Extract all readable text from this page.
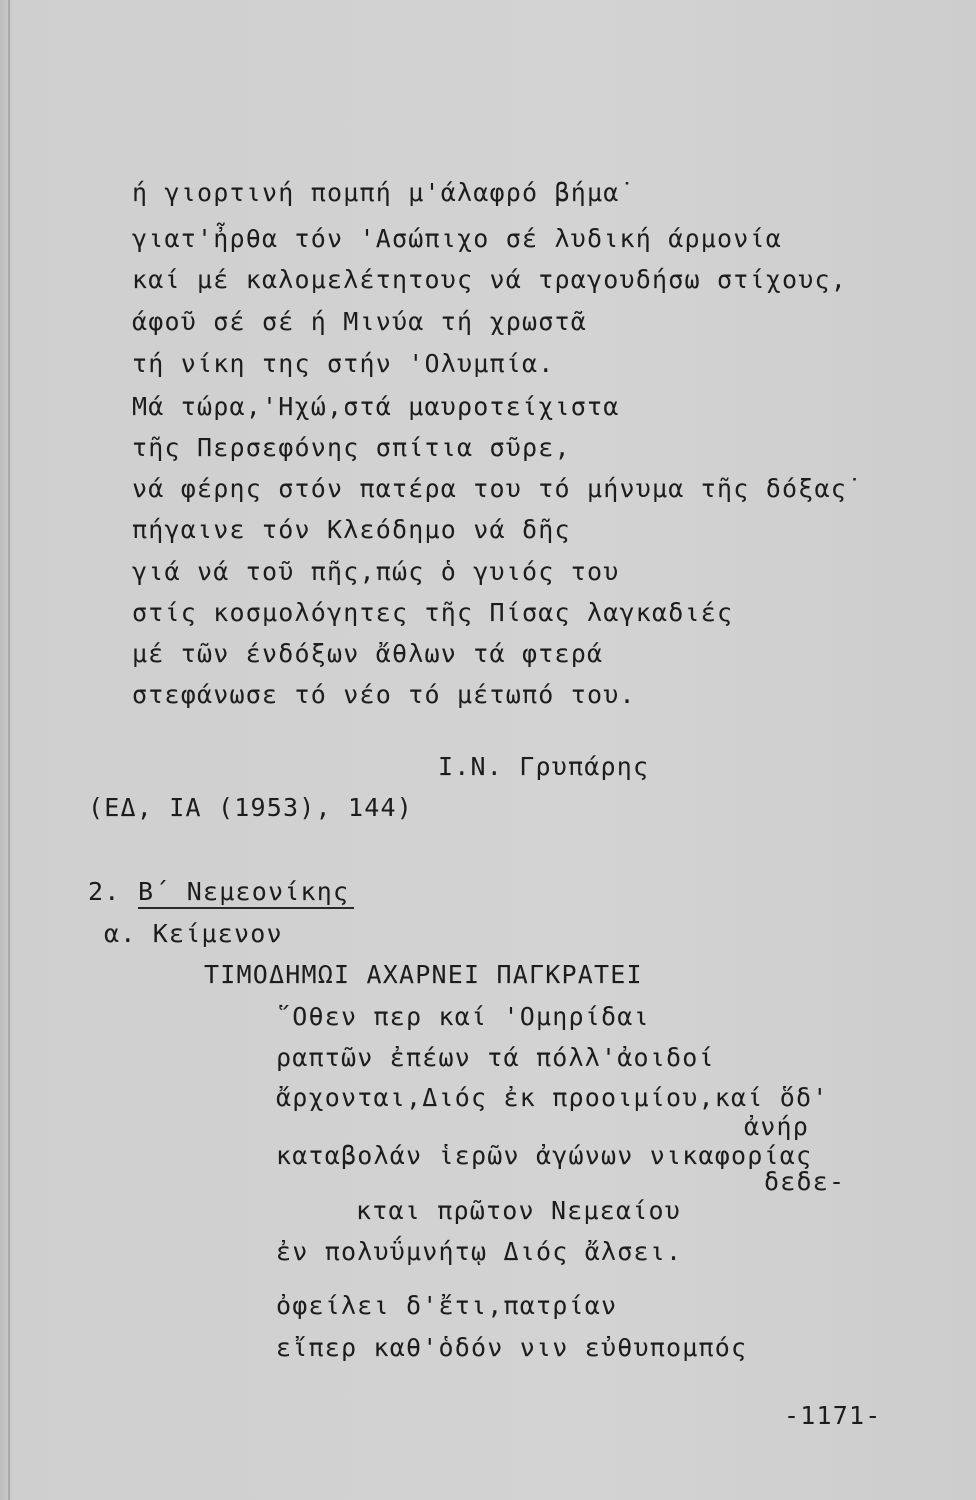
ή γιορτινή πομπή μ'άλαφρό βήμα˙
γιατ'ἦρθα τόν 'Ασώπιχο σέ λυδική άρμονία
καί μέ καλομελέτητους νά τραγουδήσω στίχους,
άφοῦ σέ σέ ή Μινύα τή χρωστᾶ
τή νίκη της στήν 'Ολυμπία.
Μά τώρα,'Ηχώ,στά μαυροτείχιστα
τῆς Περσεφόνης σπίτια σῦρε,
νά φέρης στόν πατέρα του τό μήνυμα τῆς δόξας˙
πήγαινε τόν Κλεόδημο νά δῆς
γιά νά τοῦ πῆς,πώς ὁ γυιός του
στίς κοσμολόγητες τῆς Πίσας λαγκαδιές
μέ τῶν ένδόξων ἄθλων τά φτερά
στεφάνωσε τό νέο τό μέτωπό του.
Ι.Ν. Γρυπάρης
(ΕΔ, ΙΑ (1953), 144)
2. Β΄ Νεμεονίκης
α. Κείμενον
ΤΙΜΟΔΗΜΩΙ ΑΧΑΡΝΕΙ ΠΑΓΚΡΑΤΕΙ
῞Οθεν περ καί 'Ομηρίδαι
ραπτῶν ἐπέων τά πόλλ'ἀοιδοί
ἄρχονται,Διός ἐκ προοιμίου,καί ὅδ'
ἀνήρ
καταβολάν ἱερῶν ἀγώνων νικαφορίας
δεδε-
κται πρῶτον Νεμεαίου
ἐν πολυΰμνήτῳ Διός ἄλσει.
ὀφείλει δ'ἔτι,πατρίαν
εἴπερ καθ'ὁδόν νιν εὐθυπομπός
-1171-
